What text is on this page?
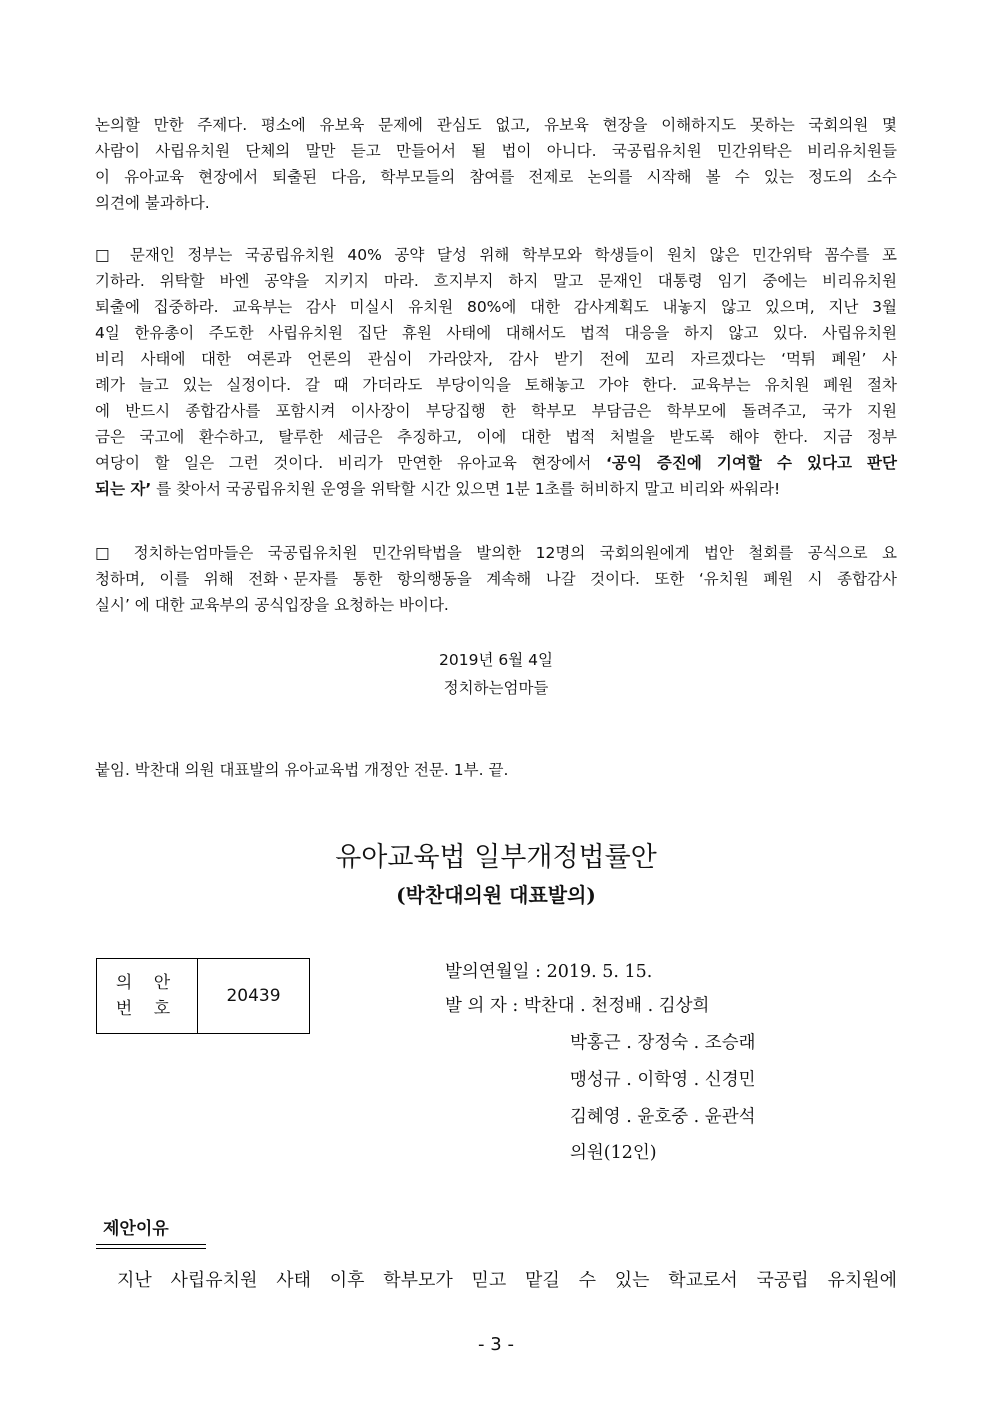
논의할 만한 주제다. 평소에 유보육 문제에 관심도 없고, 유보육 현장을 이해하지도 못하는 국회의원 몇
사람이 사립유치원 단체의 말만 듣고 만들어서 될 법이 아니다. 국공립유치원 민간위탁은 비리유치원들
이 유아교육 현장에서 퇴출된 다음, 학부모들의 참여를 전제로 논의를 시작해 볼 수 있는 정도의 소수
의견에 불과하다.
□ 문재인 정부는 국공립유치원 40% 공약 달성 위해 학부모와 학생들이 원치 않은 민간위탁 꼼수를 포
기하라. 위탁할 바엔 공약을 지키지 마라. 흐지부지 하지 말고 문재인 대통령 임기 중에는 비리유치원
퇴출에 집중하라. 교육부는 감사 미실시 유치원 80%에 대한 감사계획도 내놓지 않고 있으며, 지난 3월
4일 한유총이 주도한 사립유치원 집단 휴원 사태에 대해서도 법적 대응을 하지 않고 있다. 사립유치원
비리 사태에 대한 여론과 언론의 관심이 가라앉자, 감사 받기 전에 꼬리 자르겠다는 ‘먹튀 폐원’ 사
례가 늘고 있는 실정이다. 갈 때 가더라도 부당이익을 토해놓고 가야 한다. 교육부는 유치원 폐원 절차
에 반드시 종합감사를 포함시켜 이사장이 부당집행 한 학부모 부담금은 학부모에 돌려주고, 국가 지원
금은 국고에 환수하고, 탈루한 세금은 추징하고, 이에 대한 법적 처벌을 받도록 해야 한다. 지금 정부
여당이 할 일은 그런 것이다. 비리가 만연한 유아교육 현장에서 ‘공익 증진에 기여할 수 있다고 판단
되는 자’ 를 찾아서 국공립유치원 운영을 위탁할 시간 있으면 1분 1초를 허비하지 말고 비리와 싸워라!
□ 정치하는엄마들은 국공립유치원 민간위탁법을 발의한 12명의 국회의원에게 법안 철회를 공식으로 요
청하며, 이를 위해 전화ㆍ문자를 통한 항의행동을 계속해 나갈 것이다. 또한 ‘유치원 폐원 시 종합감사
실시’ 에 대한 교육부의 공식입장을 요청하는 바이다.
2019년 6월 4일
정치하는엄마들
붙임. 박찬대 의원 대표발의 유아교육법 개정안 전문. 1부. 끝.
유아교육법 일부개정법률안
(박찬대의원 대표발의)
의 안
번 호
20439
발의연월일 : 2019. 5. 15.
발 의 자 : 박찬대 . 천정배 . 김상희
박홍근 . 장정숙 . 조승래
맹성규 . 이학영 . 신경민
김혜영 . 윤호중 . 윤관석
의원(12인)
제안이유
지난 사립유치원 사태 이후 학부모가 믿고 맡길 수 있는 학교로서 국공립 유치원에
- 3 -
